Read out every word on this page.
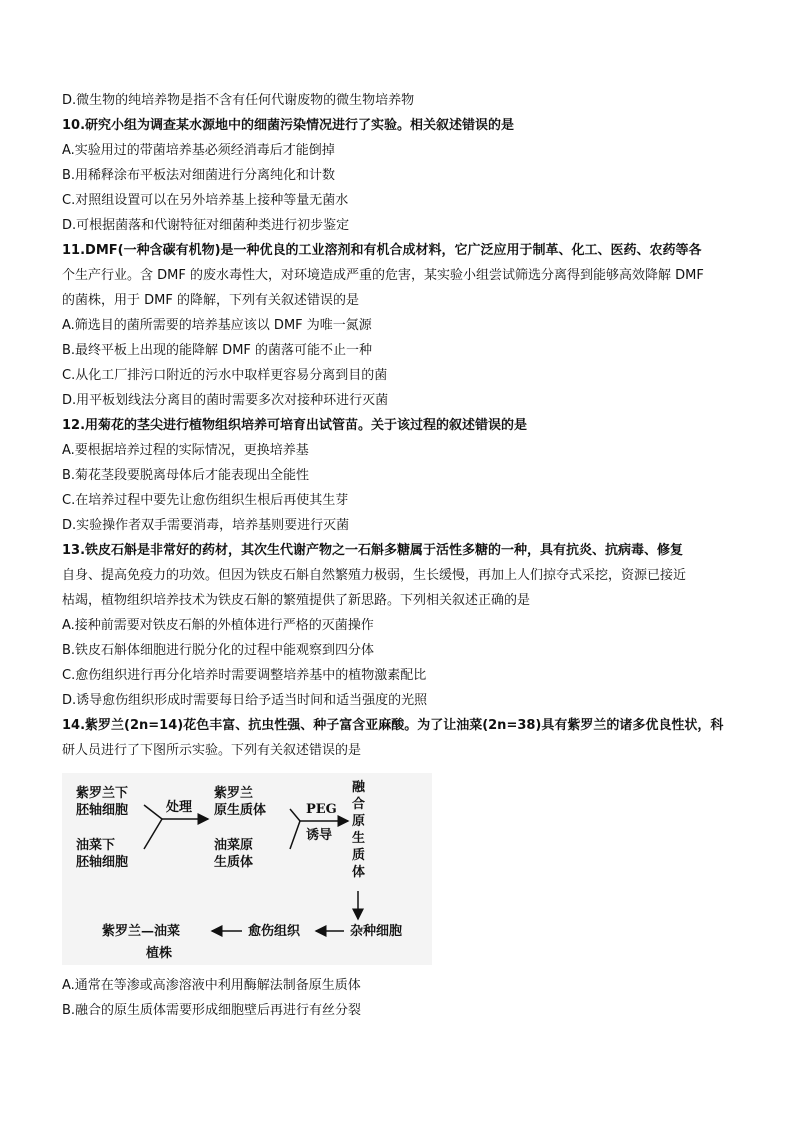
D.微生物的纯培养物是指不含有任何代谢废物的微生物培养物
10.研究小组为调查某水源地中的细菌污染情况进行了实验。相关叙述错误的是
A.实验用过的带菌培养基必须经消毒后才能倒掉
B.用稀释涂布平板法对细菌进行分离纯化和计数
C.对照组设置可以在另外培养基上接种等量无菌水
D.可根据菌落和代谢特征对细菌种类进行初步鉴定
11.DMF(一种含碳有机物)是一种优良的工业溶剂和有机合成材料，它广泛应用于制革、化工、医药、农药等各
个生产行业。含 DMF 的废水毒性大，对环境造成严重的危害，某实验小组尝试筛选分离得到能够高效降解 DMF
的菌株，用于 DMF 的降解，下列有关叙述错误的是
A.筛选目的菌所需要的培养基应该以 DMF 为唯一氮源
B.最终平板上出现的能降解 DMF 的菌落可能不止一种
C.从化工厂排污口附近的污水中取样更容易分离到目的菌
D.用平板划线法分离目的菌时需要多次对接种环进行灭菌
12.用菊花的茎尖进行植物组织培养可培育出试管苗。关于该过程的叙述错误的是
A.要根据培养过程的实际情况，更换培养基
B.菊花茎段要脱离母体后才能表现出全能性
C.在培养过程中要先让愈伤组织生根后再使其生芽
D.实验操作者双手需要消毒，培养基则要进行灭菌
13.铁皮石斛是非常好的药材，其次生代谢产物之一石斛多糖属于活性多糖的一种，具有抗炎、抗病毒、修复
自身、提高免疫力的功效。但因为铁皮石斛自然繁殖力极弱，生长缓慢，再加上人们掠夺式采挖，资源已接近
枯竭，植物组织培养技术为铁皮石斛的繁殖提供了新思路。下列相关叙述正确的是
A.接种前需要对铁皮石斛的外植体进行严格的灭菌操作
B.铁皮石斛体细胞进行脱分化的过程中能观察到四分体
C.愈伤组织进行再分化培养时需要调整培养基中的植物激素配比
D.诱导愈伤组织形成时需要每日给予适当时间和适当强度的光照
14.紫罗兰(2n=14)花色丰富、抗虫性强、种子富含亚麻酸。为了让油菜(2n=38)具有紫罗兰的诸多优良性状，科
研人员进行了下图所示实验。下列有关叙述错误的是
紫罗兰下
胚轴细胞
油菜下
胚轴细胞
处理
紫罗兰
原生质体
油菜原
生质体
PEG
诱导
融
合
原
生
质
体
杂种细胞
愈伤组织
紫罗兰—油菜
植株
A.通常在等渗或高渗溶液中利用酶解法制备原生质体
B.融合的原生质体需要形成细胞壁后再进行有丝分裂
